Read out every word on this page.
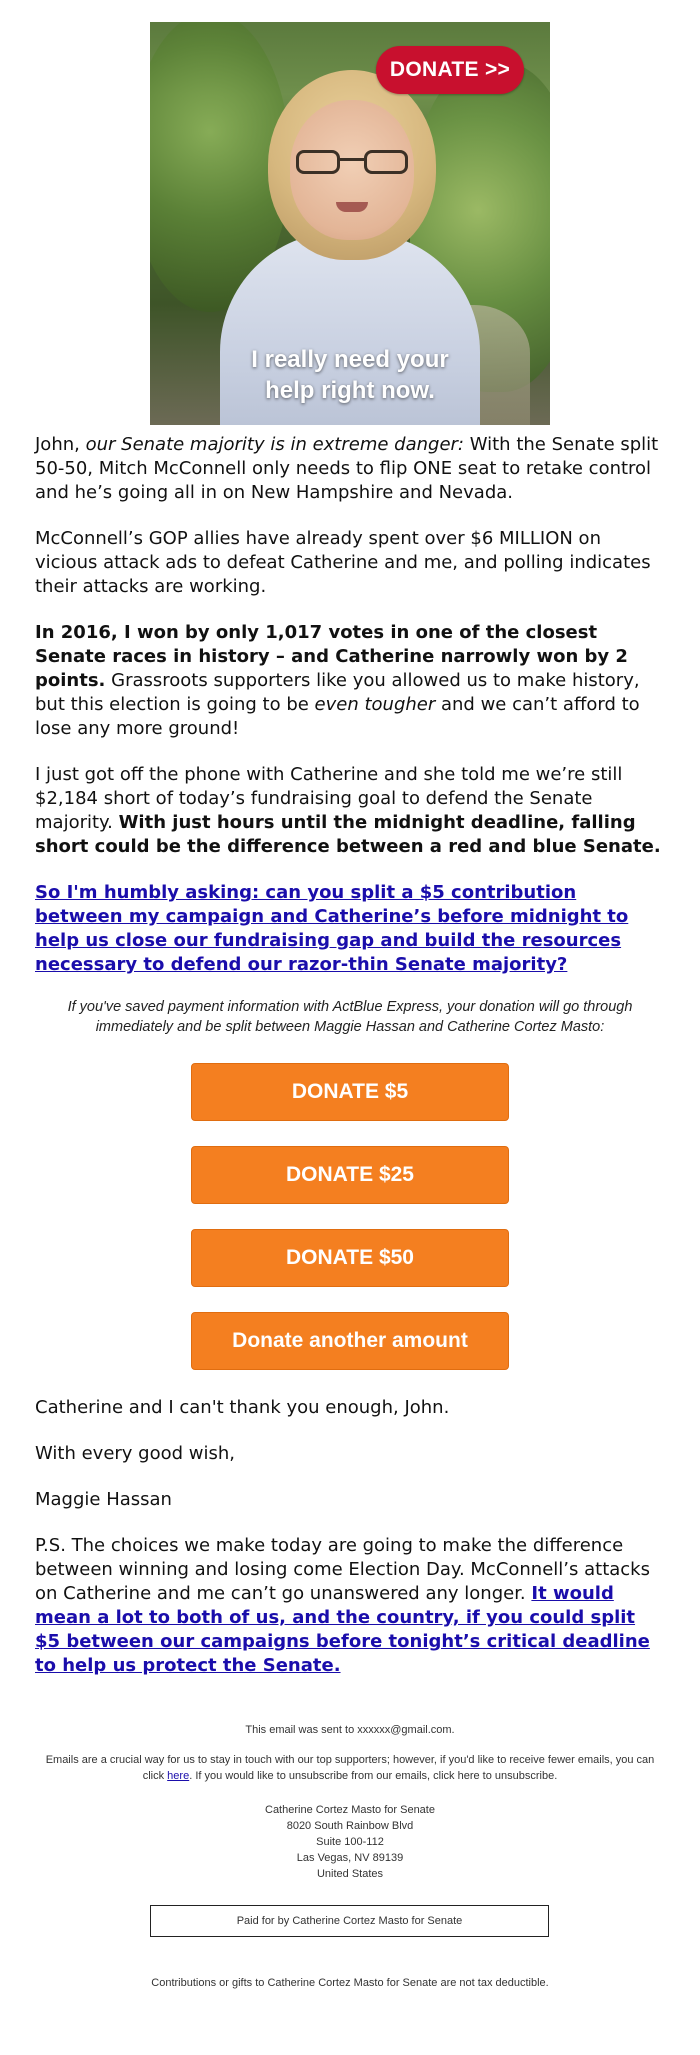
DONATE >>
I really need your
help right now.

John, our Senate majority is in extreme danger: With the Senate split 50-50, Mitch McConnell only needs to flip ONE seat to retake control and he’s going all in on New Hampshire and Nevada.

McConnell’s GOP allies have already spent over $6 MILLION on vicious attack ads to defeat Catherine and me, and polling indicates their attacks are working.

In 2016, I won by only 1,017 votes in one of the closest Senate races in history – and Catherine narrowly won by 2 points. Grassroots supporters like you allowed us to make history, but this election is going to be even tougher and we can’t afford to lose any more ground!

I just got off the phone with Catherine and she told me we’re still $2,184 short of today’s fundraising goal to defend the Senate majority. With just hours until the midnight deadline, falling short could be the difference between a red and blue Senate.

So I'm humbly asking: can you split a $5 contribution between my campaign and Catherine’s before midnight to help us close our fundraising gap and build the resources necessary to defend our razor-thin Senate majority?

If you've saved payment information with ActBlue Express, your donation will go through immediately and be split between Maggie Hassan and Catherine Cortez Masto:
DONATE $5
DONATE $25
DONATE $50
Donate another amount

Catherine and I can't thank you enough, John.

With every good wish,

Maggie Hassan

P.S. The choices we make today are going to make the difference between winning and losing come Election Day. McConnell’s attacks on Catherine and me can’t go unanswered any longer. It would mean a lot to both of us, and the country, if you could split $5 between our campaigns before tonight’s critical deadline to help us protect the Senate.

This email was sent to xxxxxx@gmail.com.
Emails are a crucial way for us to stay in touch with our top supporters; however, if you'd like to receive fewer emails, you can click here. If you would like to unsubscribe from our emails, click here to unsubscribe.
Catherine Cortez Masto for Senate
8020 South Rainbow Blvd
Suite 100-112
Las Vegas, NV 89139
United States
Paid for by Catherine Cortez Masto for Senate
Contributions or gifts to Catherine Cortez Masto for Senate are not tax deductible.
